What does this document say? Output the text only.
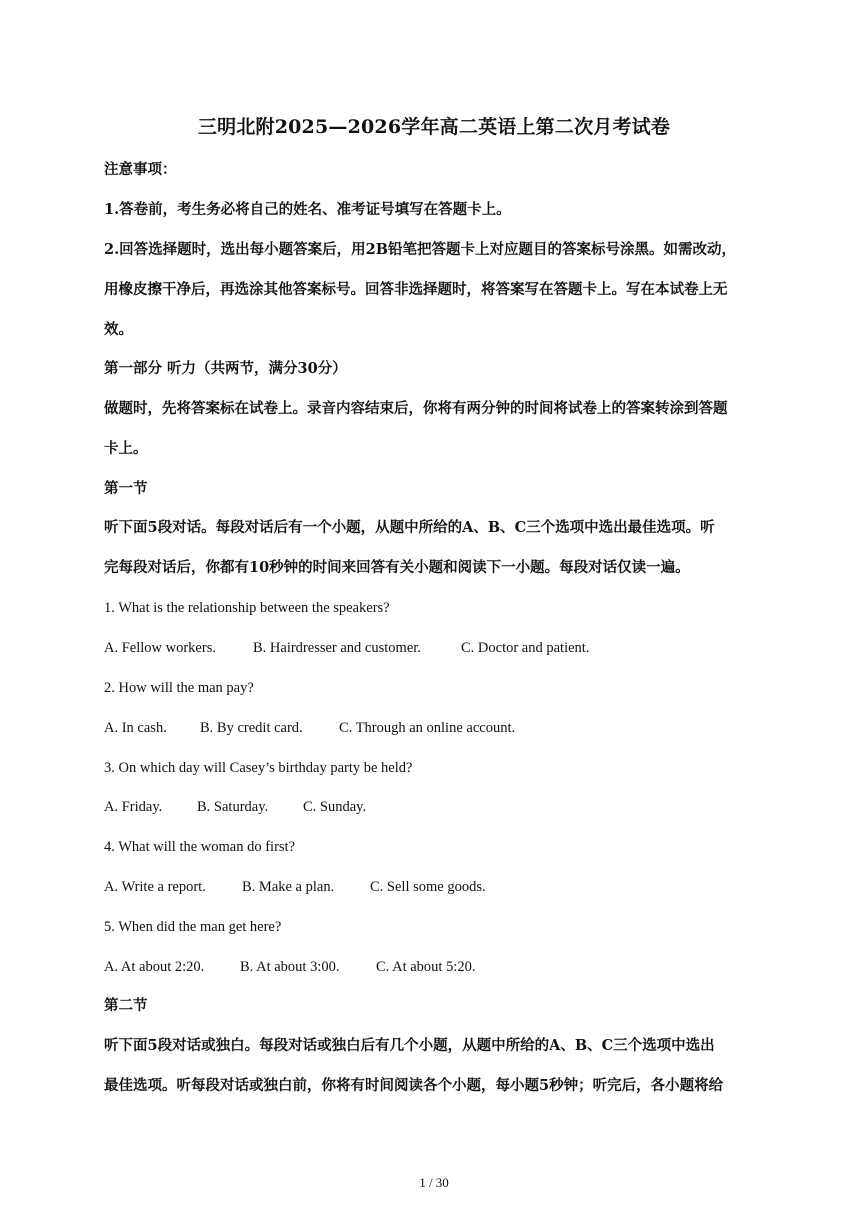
三明北附2025—2026学年高二英语上第二次月考试卷
注意事项：
1.答卷前，考生务必将自己的姓名、准考证号填写在答题卡上。
2.回答选择题时，选出每小题答案后，用2B铅笔把答题卡上对应题目的答案标号涂黑。如需改动，
用橡皮擦干净后，再选涂其他答案标号。回答非选择题时，将答案写在答题卡上。写在本试卷上无
效。
第一部分 听力（共两节，满分30分）
做题时，先将答案标在试卷上。录音内容结束后，你将有两分钟的时间将试卷上的答案转涂到答题
卡上。
第一节
听下面5段对话。每段对话后有一个小题，从题中所给的A、B、C三个选项中选出最佳选项。听
完每段对话后，你都有10秒钟的时间来回答有关小题和阅读下一小题。每段对话仅读一遍。
1. What is the relationship between the speakers?
A. Fellow workers.	B. Hairdresser and customer.	C. Doctor and patient.
2. How will the man pay?
A. In cash. B. By credit card.	C. Through an online account.
3. On which day will Casey’s birthday party be held?
A. Friday. B. Saturday. C. Sunday.
4. What will the woman do first?
A. Write a report. B. Make a plan. C. Sell some goods.
5. When did the man get here?
A. At about 2:20. B. At about 3:00.	C. At about 5:20.
第二节
听下面5段对话或独白。每段对话或独白后有几个小题，从题中所给的A、B、C三个选项中选出
最佳选项。听每段对话或独白前，你将有时间阅读各个小题，每小题5秒钟；听完后，各小题将给
1 / 30
